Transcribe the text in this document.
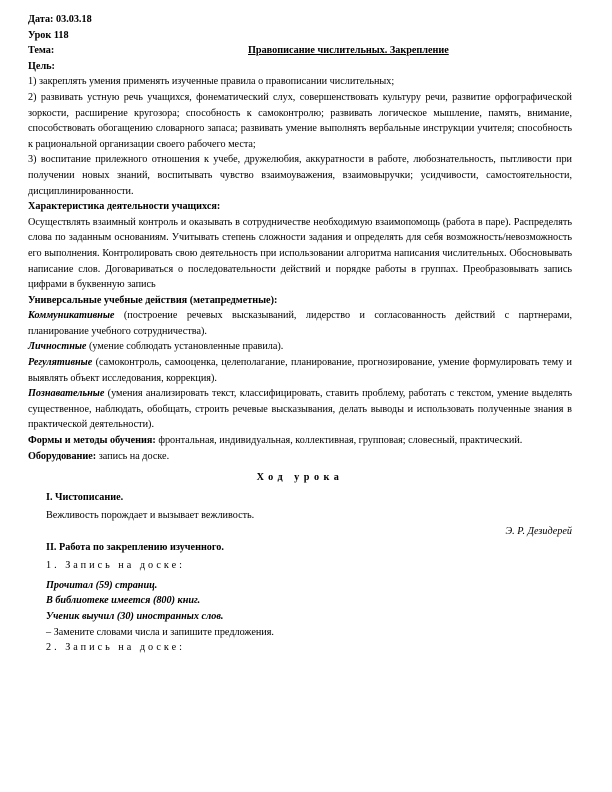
Дата: 03.03.18

Урок 118

Тема:	Правописание числительных. Закрепление

Цель:

1) закреплять умения применять изученные правила о правописании числительных;

2) развивать устную речь учащихся, фонематический слух, совершенствовать культуру речи, развитие орфографической зоркости, расширение кругозора; способность к самоконтролю; развивать логическое мышление, память, внимание, способствовать обогащению словарного запаса; развивать умение выполнять вербальные инструкции учителя; способность к рациональной организации своего рабочего места;

3) воспитание прилежного отношения к учебе, дружелюбия, аккуратности в работе, любознательность, пытливости при получении новых знаний, воспитывать чувство взаимоуважения, взаимовыручки; усидчивости, самостоятельности, дисциплинированности.

Характеристика деятельности учащихся:

Осуществлять взаимный контроль и оказывать в сотрудничестве необходимую взаимопомощь (работа в паре). Распределять слова по заданным основаниям. Учитывать степень сложности задания и определять для себя возможность/невозможность его выполнения. Контролировать свою деятельность при использовании алгоритма написания числительных. Обосновывать написание слов. Договариваться о последовательности действий и порядке работы в группах. Преобразовывать запись цифрами в буквенную запись

Универсальные учебные действия (метапредметные):

Коммуникативные (построение речевых высказываний, лидерство и согласованность действий с партнерами, планирование учебного сотрудничества).

Личностные (умение соблюдать установленные правила).

Регулятивные (самоконтроль, самооценка, целеполагание, планирование, прогнозирование, умение формулировать тему и выявлять объект исследования, коррекция).

Познавательные (умения анализировать текст, классифицировать, ставить проблему, работать с текстом, умение выделять существенное, наблюдать, обобщать, строить речевые высказывания, делать выводы и использовать полученные знания в практической деятельности).

Формы и методы обучения: фронтальная, индивидуальная, коллективная, групповая; словесный, практический.

Оборудование: запись на доске.

Ход урока

I. Чистописание.

Вежливость порождает и вызывает вежливость.

Э. Р. Дезидерей

II. Работа по закреплению изученного.

1. Запись на доске:

Прочитал (59) страниц.

В библиотеке имеется (800) книг.

Ученик выучил (30) иностранных слов.

– Замените словами числа и запишите предложения.

2. Запись на доске:
